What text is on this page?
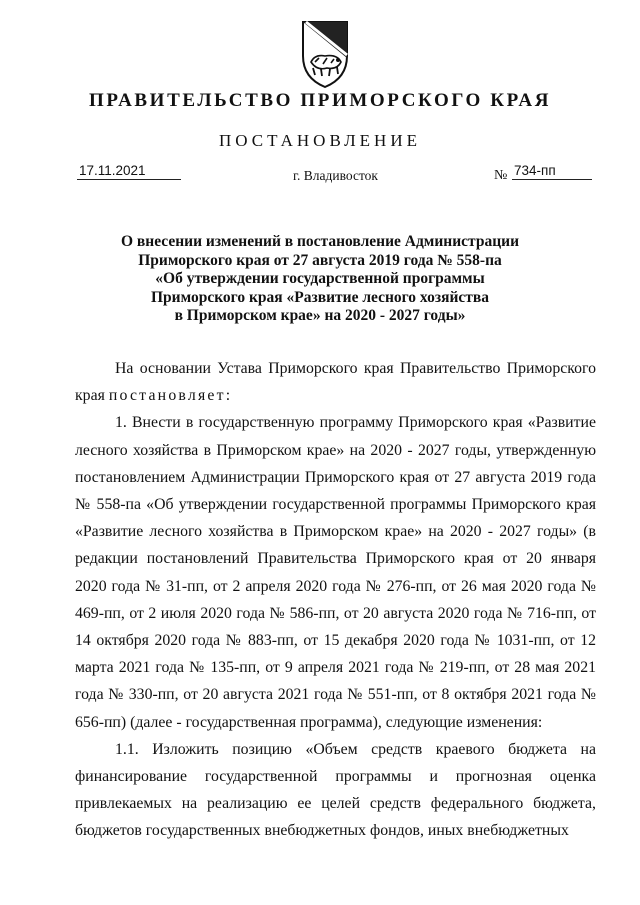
ПРАВИТЕЛЬСТВО ПРИМОРСКОГО КРАЯ
ПОСТАНОВЛЕНИЕ
17.11.2021	г. Владивосток	№ 734-пп
О внесении изменений в постановление Администрации
Приморского края от 27 августа 2019 года № 558-па
«Об утверждении государственной программы
Приморского края «Развитие лесного хозяйства
в Приморском крае» на 2020 - 2027 годы»

На основании Устава Приморского края Правительство Приморского края постановляет:

1. Внести в государственную программу Приморского края «Развитие лесного хозяйства в Приморском крае» на 2020 - 2027 годы, утвержденную постановлением Администрации Приморского края от 27 августа 2019 года № 558-па «Об утверждении государственной программы Приморского края «Развитие лесного хозяйства в Приморском крае» на 2020 - 2027 годы» (в редакции постановлений Правительства Приморского края от 20 января 2020 года № 31-пп, от 2 апреля 2020 года № 276-пп, от 26 мая 2020 года № 469-пп, от 2 июля 2020 года № 586-пп, от 20 августа 2020 года № 716-пп, от 14 октября 2020 года № 883-пп, от 15 декабря 2020 года № 1031-пп, от 12 марта 2021 года № 135-пп, от 9 апреля 2021 года № 219-пп, от 28 мая 2021 года № 330-пп, от 20 августа 2021 года № 551-пп, от 8 октября 2021 года № 656-пп) (далее - государственная программа), следующие изменения:

1.1. Изложить позицию «Объем средств краевого бюджета на финансирование государственной программы и прогнозная оценка привлекаемых на реализацию ее целей средств федерального бюджета, бюджетов государственных внебюджетных фондов, иных внебюджетных
